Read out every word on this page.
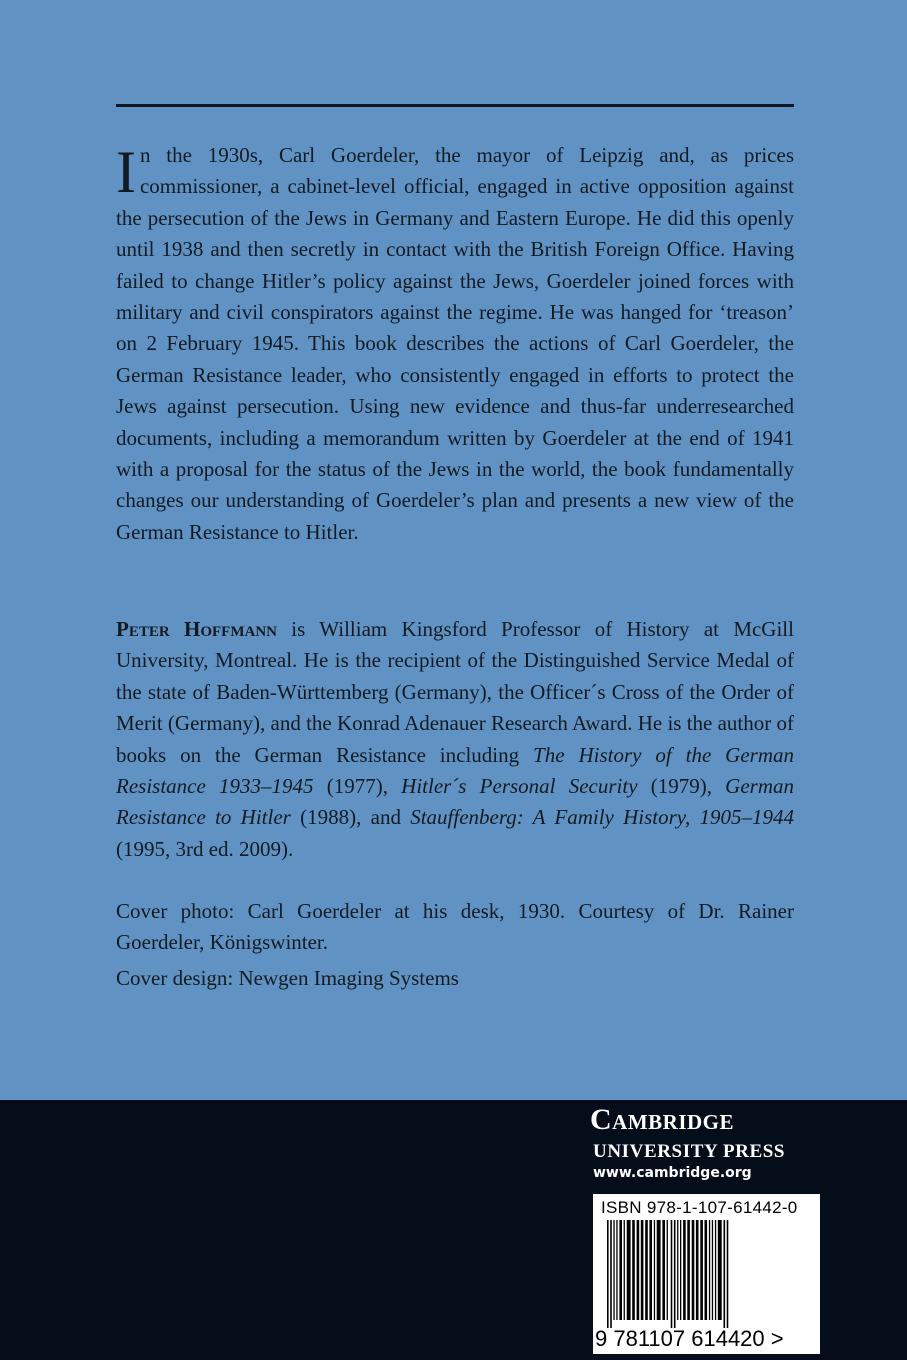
In the 1930s, Carl Goerdeler, the mayor of Leipzig and, as prices commissioner, a cabinet-level official, engaged in active opposition against the persecution of the Jews in Germany and Eastern Europe. He did this openly until 1938 and then secretly in contact with the British Foreign Office. Having failed to change Hitler’s policy against the Jews, Goerdeler joined forces with military and civil conspirators against the regime. He was hanged for ‘treason’ on 2 February 1945. This book describes the actions of Carl Goerdeler, the German Resistance leader, who consistently engaged in efforts to protect the Jews against persecution. Using new evidence and thus-far underresearched documents, including a memorandum written by Goerdeler at the end of 1941 with a proposal for the status of the Jews in the world, the book fundamentally changes our understanding of Goerdeler’s plan and presents a new view of the German Resistance to Hitler.

Peter Hoffmann is William Kingsford Professor of History at McGill University, Montreal. He is the recipient of the Distinguished Service Medal of the state of Baden-Württemberg (Germany), the Officer´s Cross of the Order of Merit (Germany), and the Konrad Adenauer Research Award. He is the author of books on the German Resistance including The History of the German Resistance 1933–1945 (1977), Hitler´s Personal Security (1979), German Resistance to Hitler (1988), and Stauffenberg: A Family History, 1905–1944 (1995, 3rd ed. 2009).

Cover photo: Carl Goerdeler at his desk, 1930. Courtesy of Dr. Rainer Goerdeler, Königswinter.

Cover design: Newgen Imaging Systems

Cambridge
UNIVERSITY PRESS
www.cambridge.org
ISBN 978-1-107-61442-0
9 781107 614420 >
